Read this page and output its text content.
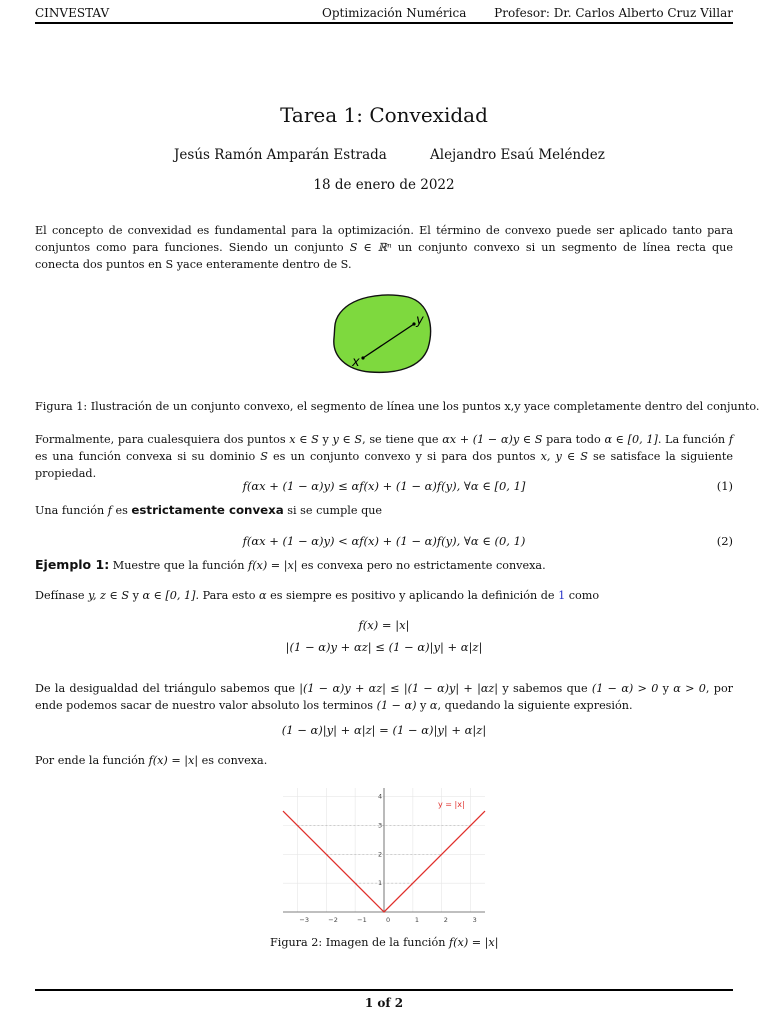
CINVESTAV	Optimización Numérica Profesor: Dr. Carlos Alberto Cruz Villar
Tarea 1: Convexidad
Jesús Ramón Amparán Estrada	Alejandro Esaú Meléndez
18 de enero de 2022
El concepto de convexidad es fundamental para la optimización. El término de convexo puede ser aplicado tanto para conjuntos como para funciones. Siendo un conjunto S ∈ ℝⁿ un conjunto convexo si un segmento de línea recta que conecta dos puntos en S yace enteramente dentro de S.
x
y
Figura 1: Ilustración de un conjunto convexo, el segmento de línea une los puntos x,y yace completamente dentro del conjunto.
Formalmente, para cualesquiera dos puntos x ∈ S y y ∈ S, se tiene que αx + (1 − α)y ∈ S para todo α ∈ [0, 1]. La función f es una función convexa si su dominio S es un conjunto convexo y si para dos puntos x, y ∈ S se satisface la siguiente propiedad.
f(αx + (1 − α)y) ≤ αf(x) + (1 − α)f(y), ∀α ∈ [0, 1]	(1)
Una función f es estrictamente convexa si se cumple que
f(αx + (1 − α)y) < αf(x) + (1 − α)f(y), ∀α ∈ (0, 1)	(2)
Ejemplo 1: Muestre que la función f(x) = |x| es convexa pero no estrictamente convexa.
Defínase y, z ∈ S y α ∈ [0, 1]. Para esto α es siempre es positivo y aplicando la definición de 1 como
f(x) = |x|
|(1 − α)y + αz| ≤ (1 − α)|y| + α|z|
De la desigualdad del triángulo sabemos que |(1 − α)y + αz| ≤ |(1 − α)y| + |αz| y sabemos que (1 − α) > 0 y α > 0, por ende podemos sacar de nuestro valor absoluto los terminos (1 − α) y α, quedando la siguiente expresión.
(1 − α)|y| + α|z| = (1 − α)|y| + α|z|
Por ende la función f(x) = |x| es convexa.
−3	−2	−1	0	1	2	3
1
2
3
4
y = |x|
Figura 2: Imagen de la función f(x) = |x|
1 of 2
